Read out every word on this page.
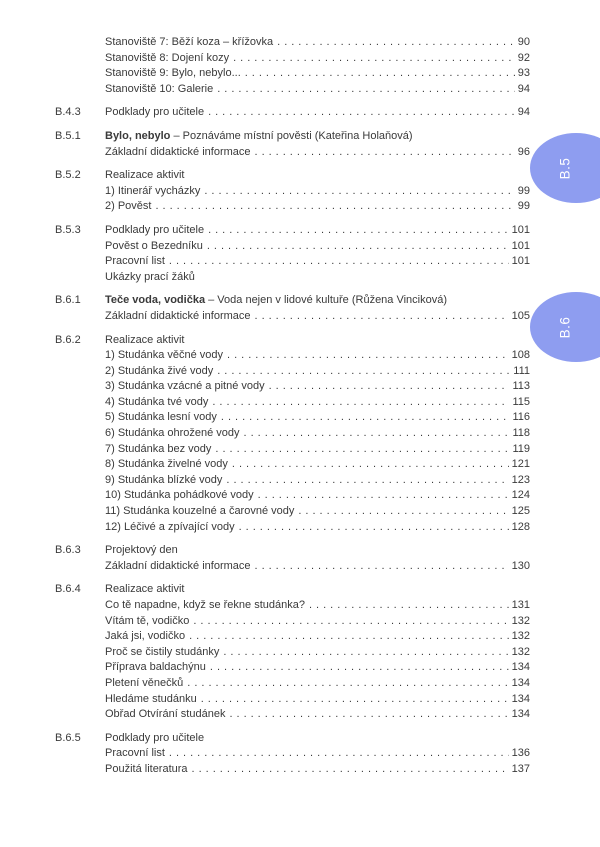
Stanoviště 7: Běží koza – křížovka .....	90
Stanoviště 8: Dojení kozy .....	92
Stanoviště 9: Bylo, nebylo... .....	93
Stanoviště 10: Galerie .....	94
B.4.3	Podklady pro učitele .....	94
B.5.1	Bylo, nebylo – Poznáváme místní pověsti (Kateřina Holaňová)
Základní didaktické informace .....	96
B.5.2	Realizace aktivit
1) Itinerář vycházky .....	99
2) Pověst .....	99
B.5.3	Podklady pro učitele .....	101
Pověst o Bezedníku .....	101
Pracovní list .....	101
Ukázky prací žáků
B.6.1	Teče voda, vodička – Voda nejen v lidové kultuře (Růžena Vinciková)
Základní didaktické informace .....	105
B.6.2	Realizace aktivit
1) Studánka věčné vody .....	108
2) Studánka živé vody .....	111
3) Studánka vzácné a pitné vody .....	113
4) Studánka tvé vody .....	115
5) Studánka lesní vody .....	116
6) Studánka ohrožené vody .....	118
7) Studánka bez vody .....	119
8) Studánka živelné vody .....	121
9) Studánka blízké vody .....	123
10) Studánka pohádkové vody .....	124
11) Studánka kouzelné a čarovné vody .....	125
12) Léčivé a zpívající vody .....	128
B.6.3	Projektový den
Základní didaktické informace .....	130
B.6.4	Realizace aktivit
Co tě napadne, když se řekne studánka? .....	131
Vítám tě, vodičko .....	132
Jaká jsi, vodičko .....	132
Proč se čistily studánky .....	132
Příprava baldachýnu .....	134
Pletení věnečků .....	134
Hledáme studánku .....	134
Obřad Otvírání studánek .....	134
B.6.5	Podklady pro učitele
Pracovní list .....	136
Použitá literatura .....	137
B.5
B.6
